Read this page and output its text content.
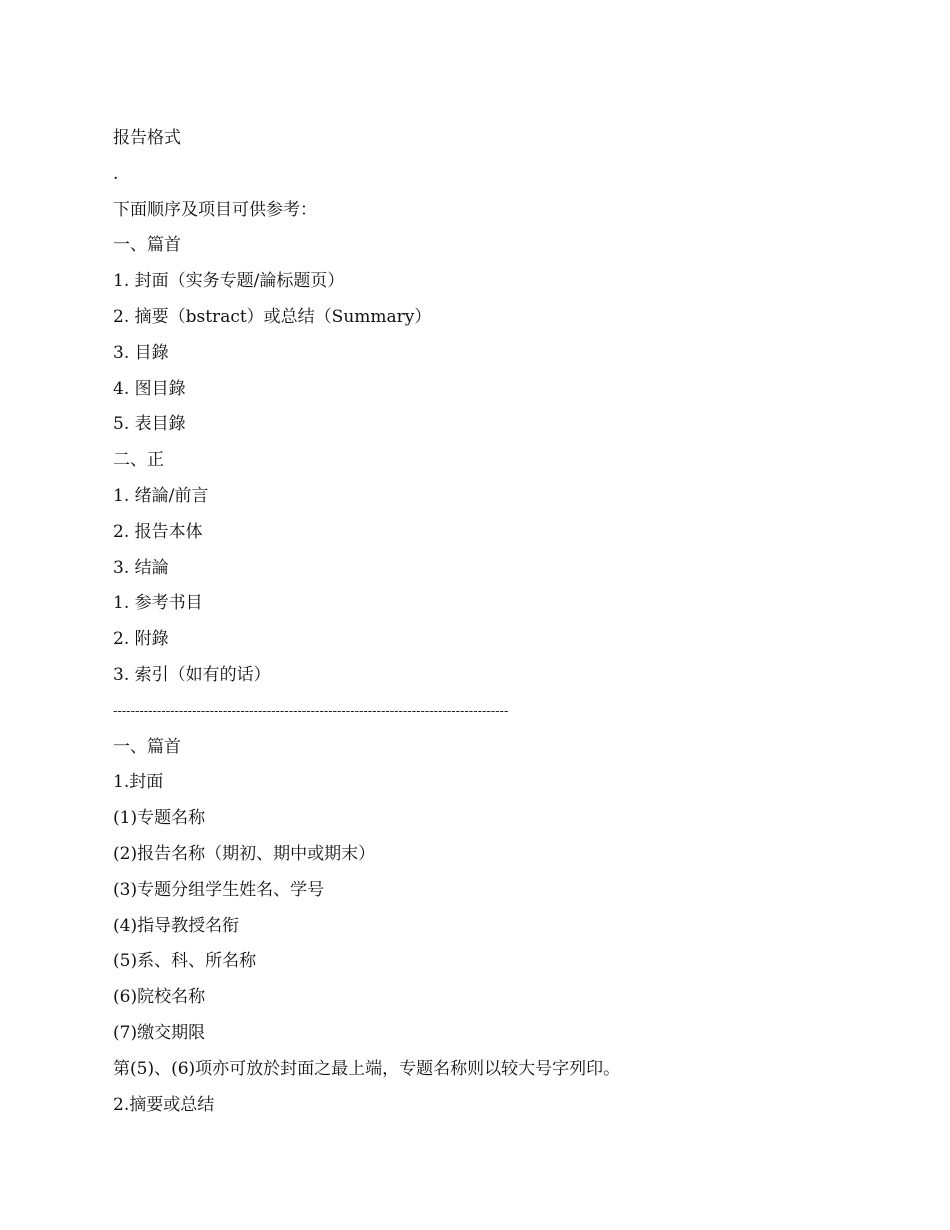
报告格式
.
下面顺序及项目可供参考：
一、篇首
1. 封面（实务专题/論标题页）
2. 摘要（bstract）或总结（Summary）
3. 目錄
4. 图目錄
5. 表目錄
二、正
1. 绪論/前言
2. 报告本体
3. 结論
1. 参考书目
2. 附錄
3. 索引（如有的话）
------------------------------------------------------------------------------------------
一、篇首
1.封面
(1)专题名称
(2)报告名称（期初、期中或期末）
(3)专题分组学生姓名、学号
(4)指导教授名衔
(5)系、科、所名称
(6)院校名称
(7)缴交期限
第(5)、(6)项亦可放於封面之最上端，专题名称则以较大号字列印。
2.摘要或总结
